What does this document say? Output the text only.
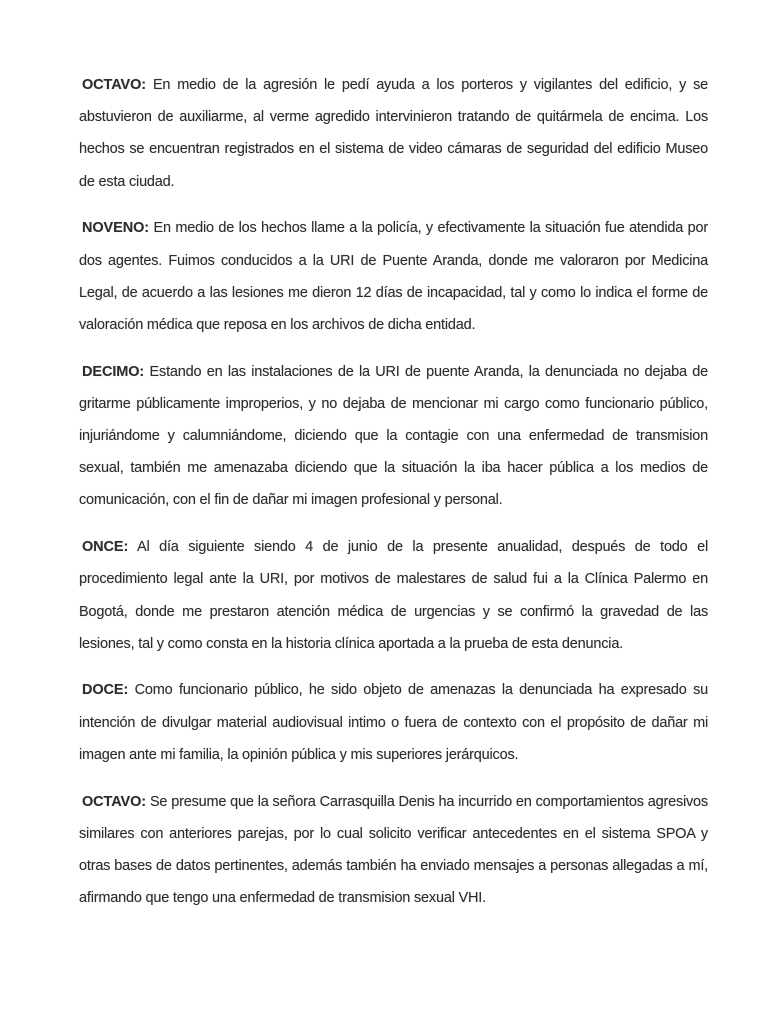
OCTAVO: En medio de la agresión le pedí ayuda a los porteros y vigilantes del edificio, y se abstuvieron de auxiliarme, al verme agredido intervinieron tratando de quitármela de encima. Los hechos se encuentran registrados en el sistema de video cámaras de seguridad del edificio Museo de esta ciudad.

NOVENO: En medio de los hechos llame a la policía, y efectivamente la situación fue atendida por dos agentes. Fuimos conducidos a la URI de Puente Aranda, donde me valoraron por Medicina Legal, de acuerdo a las lesiones me dieron 12 días de incapacidad, tal y como lo indica el forme de valoración médica que reposa en los archivos de dicha entidad.

DECIMO: Estando en las instalaciones de la URI de puente Aranda, la denunciada no dejaba de gritarme públicamente improperios, y no dejaba de mencionar mi cargo como funcionario público, injuriándome y calumniándome, diciendo que la contagie con una enfermedad de transmision sexual, también me amenazaba diciendo que la situación la iba hacer pública a los medios de comunicación, con el fin de dañar mi imagen profesional y personal.

ONCE: Al día siguiente siendo 4 de junio de la presente anualidad, después de todo el procedimiento legal ante la URI, por motivos de malestares de salud fui a la Clínica Palermo en Bogotá, donde me prestaron atención médica de urgencias y se confirmó la gravedad de las lesiones, tal y como consta en la historia clínica aportada a la prueba de esta denuncia.

DOCE: Como funcionario público, he sido objeto de amenazas la denunciada ha expresado su intención de divulgar material audiovisual intimo o fuera de contexto con el propósito de dañar mi imagen ante mi familia, la opinión pública y mis superiores jerárquicos.

OCTAVO: Se presume que la señora Carrasquilla Denis ha incurrido en comportamientos agresivos similares con anteriores parejas, por lo cual solicito verificar antecedentes en el sistema SPOA y otras bases de datos pertinentes, además también ha enviado mensajes a personas allegadas a mí, afirmando que tengo una enfermedad de transmision sexual VHI.
